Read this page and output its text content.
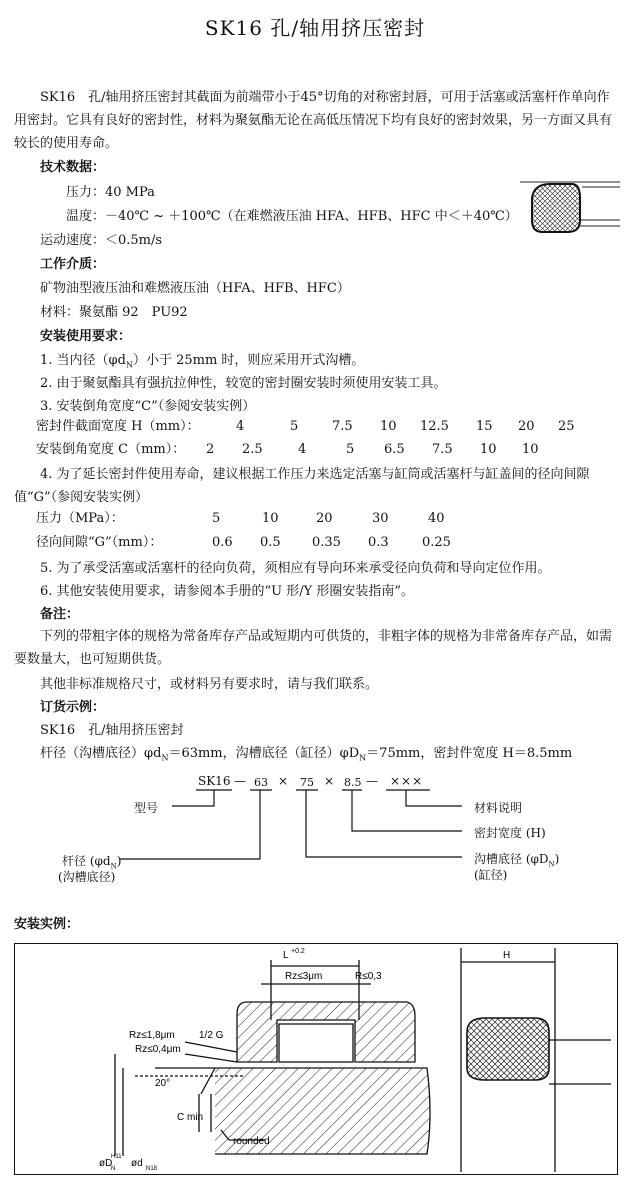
SK16 孔/轴用挤压密封
SK16　孔/轴用挤压密封其截面为前端带小于45°切角的对称密封唇，可用于活塞或活塞杆作单向作用密封。它具有良好的密封性，材料为聚氨酯无论在高低压情况下均有良好的密封效果，另一方面又具有较长的使用寿命。
技术数据：
压力：40 MPa
温度：－40℃ ~ ＋100℃（在难燃液压油 HFA、HFB、HFC 中＜＋40℃）
运动速度：＜0.5m/s
工作介质：
矿物油型液压油和难燃液压油（HFA、HFB、HFC）
材料：聚氨酯 92　PU92
安装使用要求：
1. 当内径$(\varphi d_N)$小于 25mm 时，则应采用开式沟槽。
2. 由于聚氨酯具有强抗拉伸性，较宽的密封圈安装时须使用安装工具。
3. 安装倒角宽度“C”（参阅安装实例）
密封件截面宽度 H（mm）：	4	5	7.5 10 12.5 15 20 25
安装倒角宽度 C（mm）： 2 2.5	4	5 6.5 7.5 10 10
4. 为了延长密封件使用寿命，建议根据工作压力来选定活塞与缸筒或活塞杆与缸盖间的径向间隙值“G”（参阅安装实例）
压力（MPa）：	5	10	20	30	40
径向间隙“G”（mm）：	0.6 0.5 0.35 0.3	0.25
5. 为了承受活塞或活塞杆的径向负荷，须相应有导向环来承受径向负荷和导向定位作用。
6. 其他安装使用要求，请参阅本手册的“U 形/Y 形圈安装指南”。
备注：
下列的带粗字体的规格为常备库存产品或短期内可供货的，非粗字体的规格为非常备库存产品，如需要数量大，也可短期供货。
其他非标准规格尺寸，或材料另有要求时，请与我们联系。
订货示例：
SK16　孔/轴用挤压密封
杆径（沟槽底径）$\varphi d_N=63mm$，沟槽底径（缸径）$\varphi D_N=75mm$，密封件宽度 H＝8.5mm
SK16 — 63 × 75 × 8.5 — ×××
型号	材料说明
密封宽度 (H)
沟槽底径 $(\varphi D_N)$
(缸径)
杆径 $(\varphi d_N)$
(沟槽底径)
安装实例：
L +0.2
Rz≤3μm	R≤0,3
Rz≤1,8μm 1/2 G
Rz≤0,4μm
20°
C min
rounded
øD
H11
N ød N18
H
